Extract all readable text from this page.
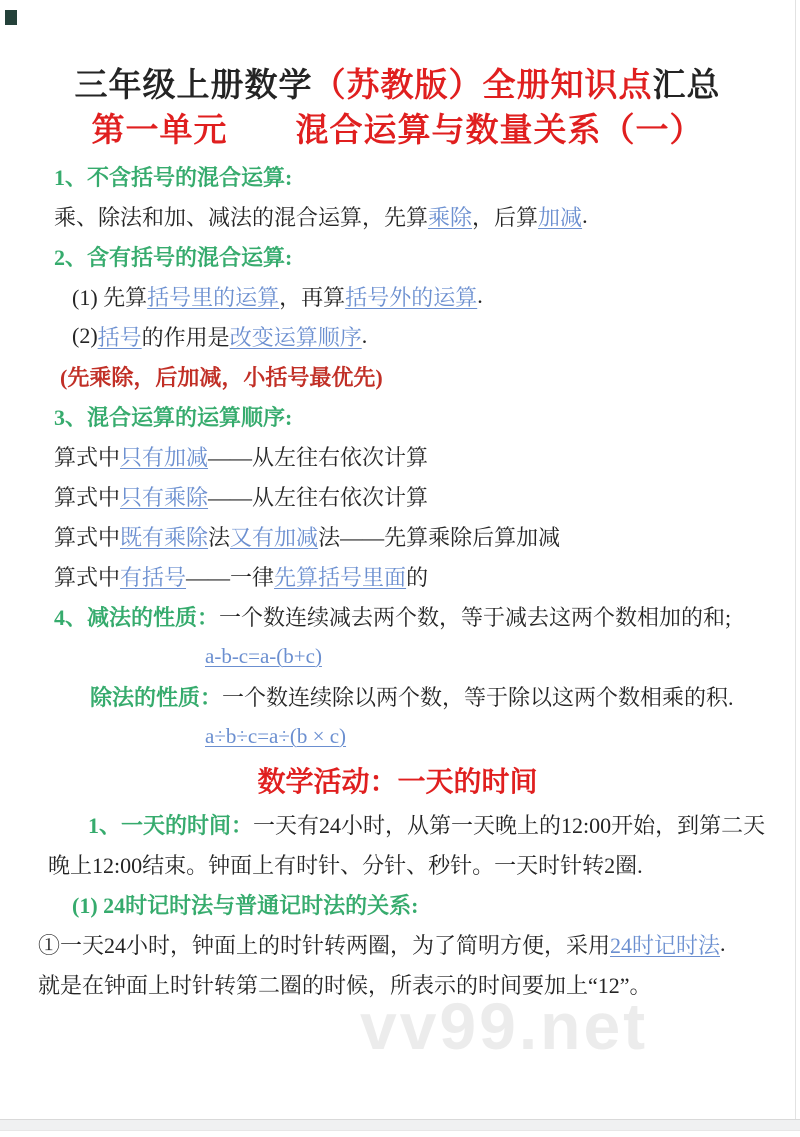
三年级上册数学（苏教版）全册知识点汇总
第一单元　　混合运算与数量关系（一）
1、不含括号的混合运算:
乘、除法和加、减法的混合运算，先算 乘除 ，后算 加减 .
2、含有括号的混合运算:
(1) 先算 括号里的运算 ，再算 括号外的运算 .
(2) 括号 的作用是 改变运算顺序 .
(先乘除，后加减，小括号最优先)
3、混合运算的运算顺序:
算式中 只有加减 ——从左往右依次计算
算式中 只有乘除 ——从左往右依次计算
算式中 既有乘除 法 又有加减 法——先算乘除后算加减
算式中 有括号 ——一律 先算括号里面 的
4、减法的性质： 一个数连续减去两个数，等于减去这两个数相加的和;
a-b-c=a-(b+c)
除法的性质： 一个数连续除以两个数，等于除以这两个数相乘的积.
a÷b÷c=a÷(b × c)
数学活动：一天的时间
1、一天的时间： 一天有24小时，从第一天晚上的12:00开始，到第二天
晚上12:00结束。钟面上有时针、分针、秒针。一天时针转2圈.
(1) 24时记时法与普通记时法的关系:
①一天24小时，钟面上的时针转两圈，为了简明方便，采用 24时记时法 .
就是在钟面上时针转第二圈的时候，所表示的时间要加上“12”。
vv99.net
